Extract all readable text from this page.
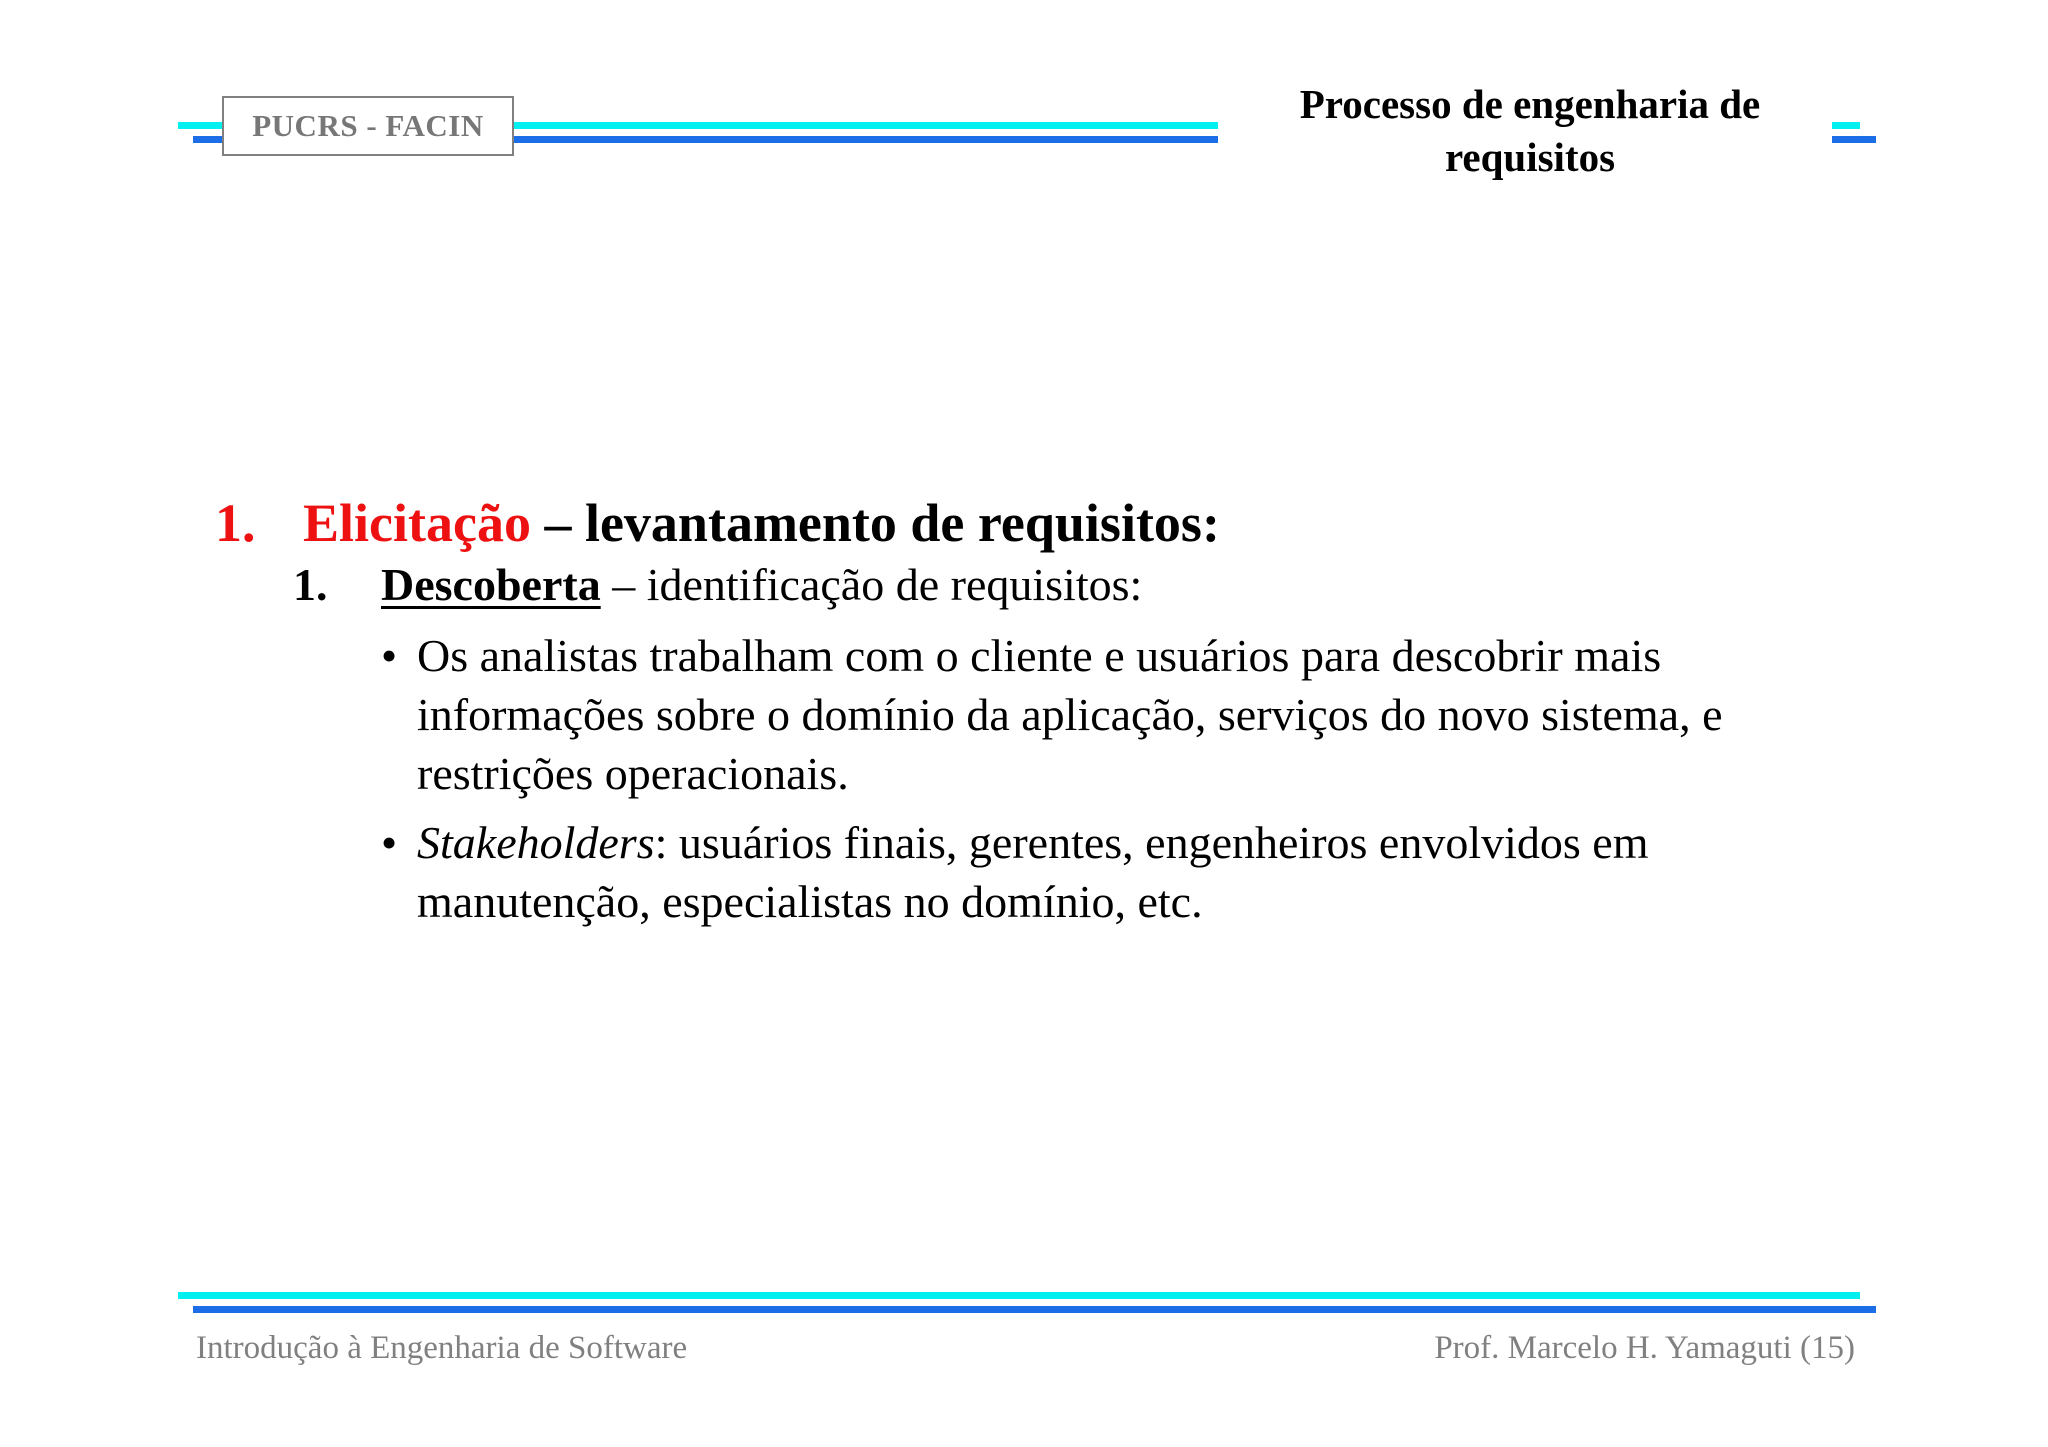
PUCRS - FACIN	Processo de engenharia de
requisitos
1. Elicitação – levantamento de requisitos:
1. Descoberta – identificação de requisitos:
• Os analistas trabalham com o cliente e usuários para descobrir mais informações sobre o domínio da aplicação, serviços do novo sistema, e restrições operacionais.
• Stakeholders: usuários finais, gerentes, engenheiros envolvidos em manutenção, especialistas no domínio, etc.
Introdução à Engenharia de Software	Prof. Marcelo H. Yamaguti (15)
